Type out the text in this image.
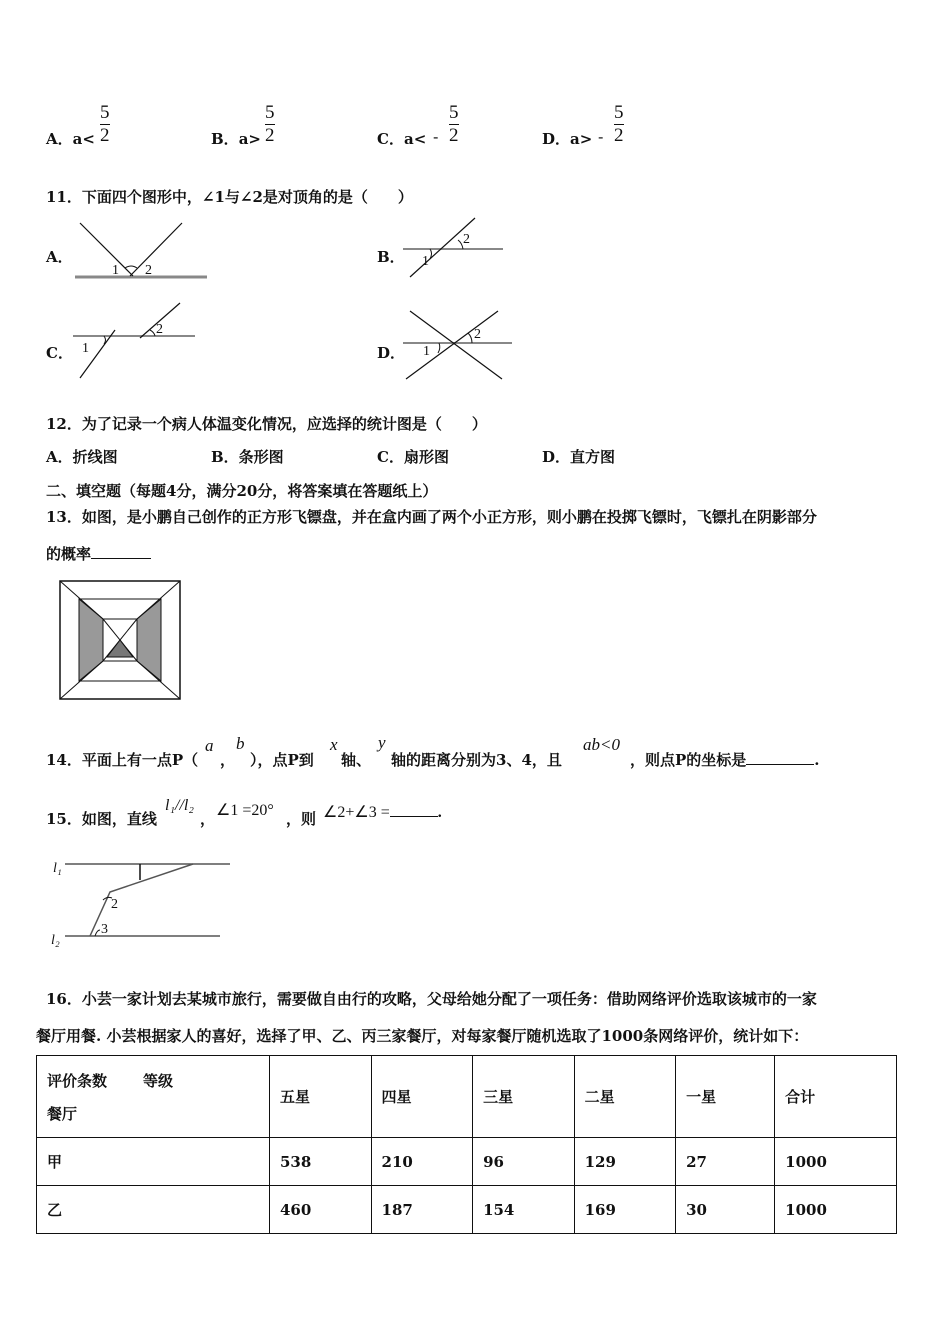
A．$a< \frac{5}{2}$	B．$a> \frac{5}{2}$	C．$a< - \frac{5}{2}$	D．$a> - \frac{5}{2}$
11．下面四个图形中，∠1与∠2是对顶角的是（　　）
A．
1 2
B． 1
2
C． 1
2
D． 1
2
12．为了记录一个病人体温变化情况，应选择的统计图是（　　）
A．折线图	B．条形图	C．扇形图	D．直方图
二、填空题（每题4分，满分20分，将答案填在答题纸上）
13．如图，是小鹏自己创作的正方形飞镖盘，并在盒内画了两个小正方形，则小鹏在投掷飞镖时，飞镖扎在阴影部分
的概率
14．平面上有一点P（
a
，
b
），点P到
x
轴、
y
轴的距离分别为3、4，且
ab<0
，则点P的坐标是	.
15．如图，直线
l₁//l₂
， ∠1 =20° ，则 ∠2+∠3 =	.
l₁
l₂
2
3
16．小芸一家计划去某城市旅行，需要做自由行的攻略，父母给她分配了一项任务：借助网络评价选取该城市的一家
餐厅用餐. 小芸根据家人的喜好，选择了甲、乙、丙三家餐厅，对每家餐厅随机选取了1000条网络评价，统计如下：
评价条数 等级
餐厅	五星	四星	三星	二星	一星	合计
甲	538	210	96	129	27	1000
乙	460	187	154	169	30	1000
